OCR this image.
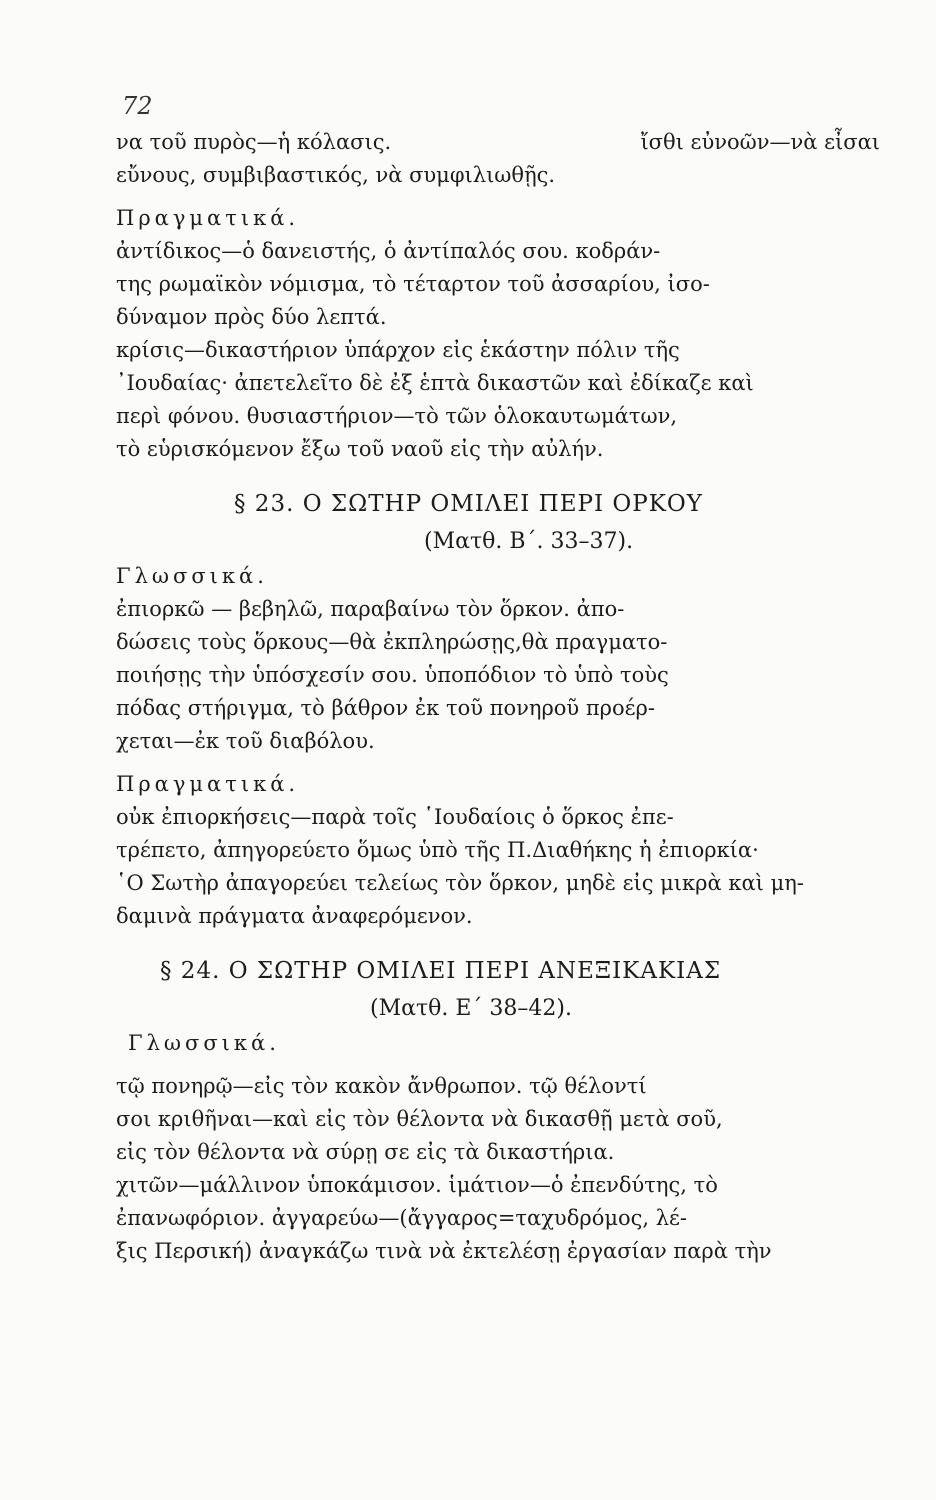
72
να τοῦ πυρὸς—ἡ κόλασις.	ἴσθι εὐνοῶν—νὰ εἶσαι
εὔνους, συμβιβαστικός, νὰ συμφιλιωθῇς.
Πραγματικά.
ἀντίδικος—ὁ δανειστής, ὁ ἀντίπαλός σου. κοδράν-
της ρωμαϊκὸν νόμισμα, τὸ τέταρτον τοῦ ἀσσαρίου, ἰσο-
δύναμον πρὸς δύο λεπτά.
κρίσις—δικαστήριον ὑπάρχον εἰς ἑκάστην πόλιν τῆς
᾿Ιουδαίας· ἀπετελεῖτο δὲ ἐξ ἑπτὰ δικαστῶν καὶ ἐδίκαζε καὶ
περὶ φόνου. θυσιαστήριον—τὸ τῶν ὁλοκαυτωμάτων,
τὸ εὑρισκόμενον ἔξω τοῦ ναοῦ εἰς τὴν αὐλήν.
§ 23. Ο ΣΩΤΗΡ ΟΜΙΛΕΙ ΠΕΡΙ ΟΡΚΟΥ
(Ματθ. Β΄. 33–37).
Γλωσσικά.
ἐπιορκῶ — βεβηλῶ, παραβαίνω τὸν ὅρκον. ἀπο-
δώσεις τοὺς ὅρκους—θὰ ἐκπληρώσῃς,θὰ πραγματο-
ποιήσῃς τὴν ὑπόσχεσίν σου. ὑποπόδιον τὸ ὑπὸ τοὺς
πόδας στήριγμα, τὸ βάθρον ἐκ τοῦ πονηροῦ προέρ-
χεται—ἐκ τοῦ διαβόλου.
Πραγματικά.
οὐκ ἐπιορκήσεις—παρὰ τοῖς ῾Ιουδαίοις ὁ ὅρκος ἐπε-
τρέπετο, ἀπηγορεύετο ὅμως ὑπὸ τῆς Π.Διαθήκης ἡ ἐπιορκία·
῾Ο Σωτὴρ ἀπαγορεύει τελείως τὸν ὅρκον, μηδὲ εἰς μικρὰ καὶ μη-
δαμινὰ πράγματα ἀναφερόμενον.
§ 24. Ο ΣΩΤΗΡ ΟΜΙΛΕΙ ΠΕΡΙ ΑΝΕΞΙΚΑΚΙΑΣ
(Ματθ. Ε΄ 38–42).
Γλωσσικά.
τῷ πονηρῷ—εἰς τὸν κακὸν ἄνθρωπον. τῷ θέλοντί
σοι κριθῆναι—καὶ εἰς τὸν θέλοντα νὰ δικασθῇ μετὰ σοῦ,
εἰς τὸν θέλοντα νὰ σύρῃ σε εἰς τὰ δικαστήρια.
χιτῶν—μάλλινον ὑποκάμισον. ἱμάτιον—ὁ ἐπενδύτης, τὸ
ἐπανωφόριον. ἀγγαρεύω—(ἄγγαρος=ταχυδρόμος, λέ-
ξις Περσική) ἀναγκάζω τινὰ νὰ ἐκτελέσῃ ἐργασίαν παρὰ τὴν
